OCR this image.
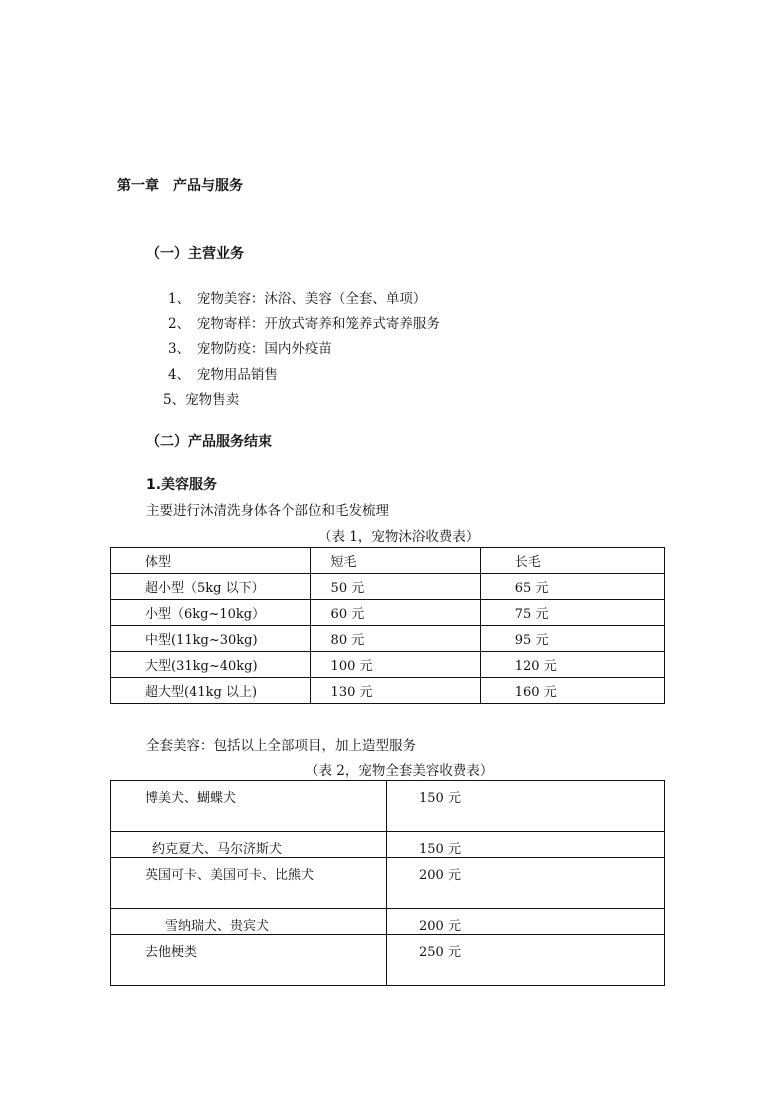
第一章　产品与服务
（一）主营业务
1、　宠物美容：沐浴、美容（全套、单项）
2、　宠物寄样：开放式寄养和笼养式寄养服务
3、　宠物防疫：国内外疫苗
4、　宠物用品销售
5、宠物售卖
（二）产品服务结束
1.美容服务
主要进行沐清洗身体各个部位和毛发梳理
（表 1，宠物沐浴收费表）
体型	短毛	长毛
超小型（5kg 以下）	50 元	65 元
小型（6kg~10kg）	60 元	75 元
中型(11kg~30kg)	80 元	95 元
大型(31kg~40kg)	100 元	120 元
超大型(41kg 以上)	130 元	160 元
全套美容：包括以上全部项目，加上造型服务
（表 2，宠物全套美容收费表）
博美犬、蝴蝶犬	150 元
约克夏犬、马尔济斯犬	150 元
英国可卡、美国可卡、比熊犬	200 元
雪纳瑞犬、贵宾犬	200 元
去他梗类	250 元
